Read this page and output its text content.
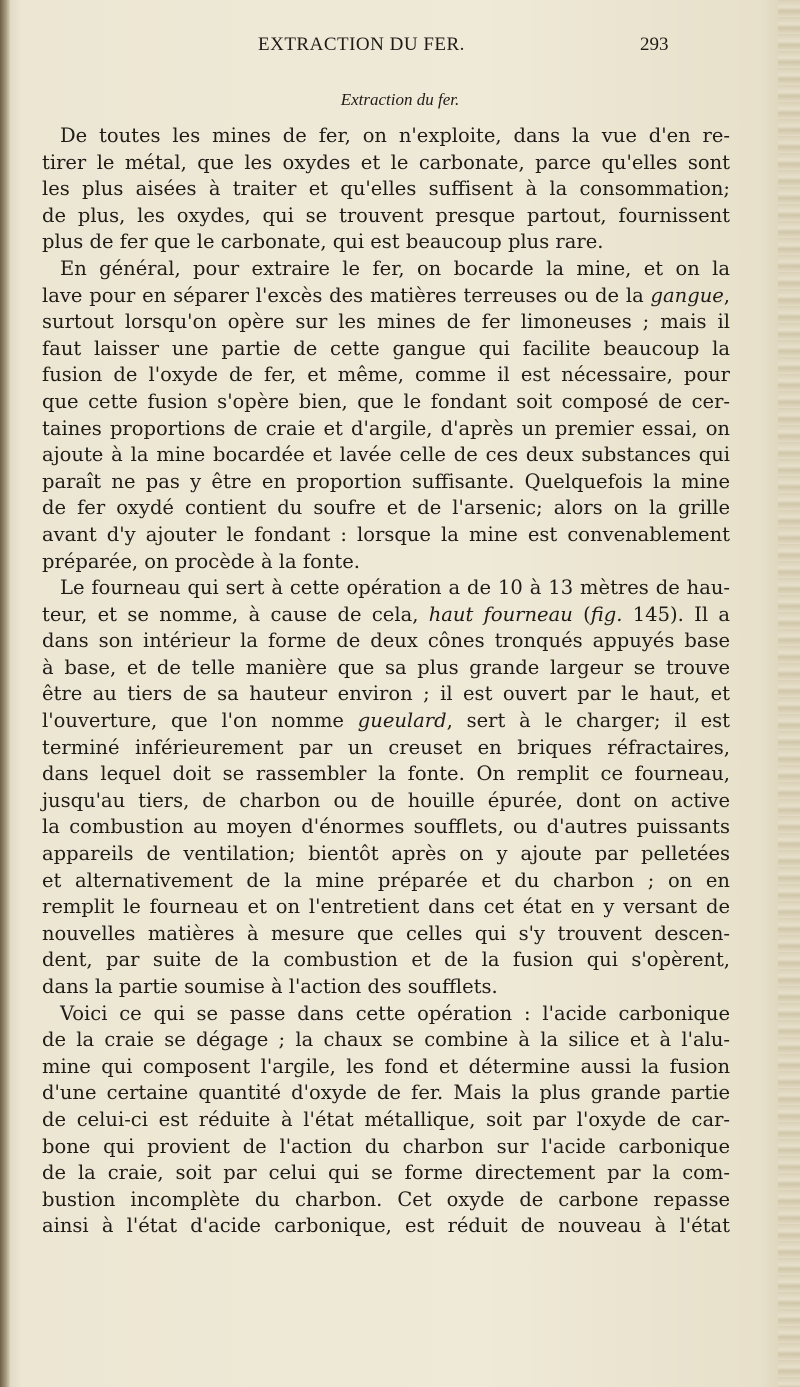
EXTRACTION DU FER.	293
Extraction du fer.
De toutes les mines de fer, on n'exploite, dans la vue d'en re-
tirer le métal, que les oxydes et le carbonate, parce qu'elles sont
les plus aisées à traiter et qu'elles suffisent à la consommation;
de plus, les oxydes, qui se trouvent presque partout, fournissent
plus de fer que le carbonate, qui est beaucoup plus rare.
En général, pour extraire le fer, on bocarde la mine, et on la
lave pour en séparer l'excès des matières terreuses ou de la gangue,
surtout lorsqu'on opère sur les mines de fer limoneuses ; mais il
faut laisser une partie de cette gangue qui facilite beaucoup la
fusion de l'oxyde de fer, et même, comme il est nécessaire, pour
que cette fusion s'opère bien, que le fondant soit composé de cer-
taines proportions de craie et d'argile, d'après un premier essai, on
ajoute à la mine bocardée et lavée celle de ces deux substances qui
paraît ne pas y être en proportion suffisante. Quelquefois la mine
de fer oxydé contient du soufre et de l'arsenic; alors on la grille
avant d'y ajouter le fondant : lorsque la mine est convenablement
préparée, on procède à la fonte.
Le fourneau qui sert à cette opération a de 10 à 13 mètres de hau-
teur, et se nomme, à cause de cela, haut fourneau (fig. 145). Il a
dans son intérieur la forme de deux cônes tronqués appuyés base
à base, et de telle manière que sa plus grande largeur se trouve
être au tiers de sa hauteur environ ; il est ouvert par le haut, et
l'ouverture, que l'on nomme gueulard, sert à le charger; il est
terminé inférieurement par un creuset en briques réfractaires,
dans lequel doit se rassembler la fonte. On remplit ce fourneau,
jusqu'au tiers, de charbon ou de houille épurée, dont on active
la combustion au moyen d'énormes soufflets, ou d'autres puissants
appareils de ventilation; bientôt après on y ajoute par pelletées
et alternativement de la mine préparée et du charbon ; on en
remplit le fourneau et on l'entretient dans cet état en y versant de
nouvelles matières à mesure que celles qui s'y trouvent descen-
dent, par suite de la combustion et de la fusion qui s'opèrent,
dans la partie soumise à l'action des soufflets.
Voici ce qui se passe dans cette opération : l'acide carbonique
de la craie se dégage ; la chaux se combine à la silice et à l'alu-
mine qui composent l'argile, les fond et détermine aussi la fusion
d'une certaine quantité d'oxyde de fer. Mais la plus grande partie
de celui-ci est réduite à l'état métallique, soit par l'oxyde de car-
bone qui provient de l'action du charbon sur l'acide carbonique
de la craie, soit par celui qui se forme directement par la com-
bustion incomplète du charbon. Cet oxyde de carbone repasse
ainsi à l'état d'acide carbonique, est réduit de nouveau à l'état
